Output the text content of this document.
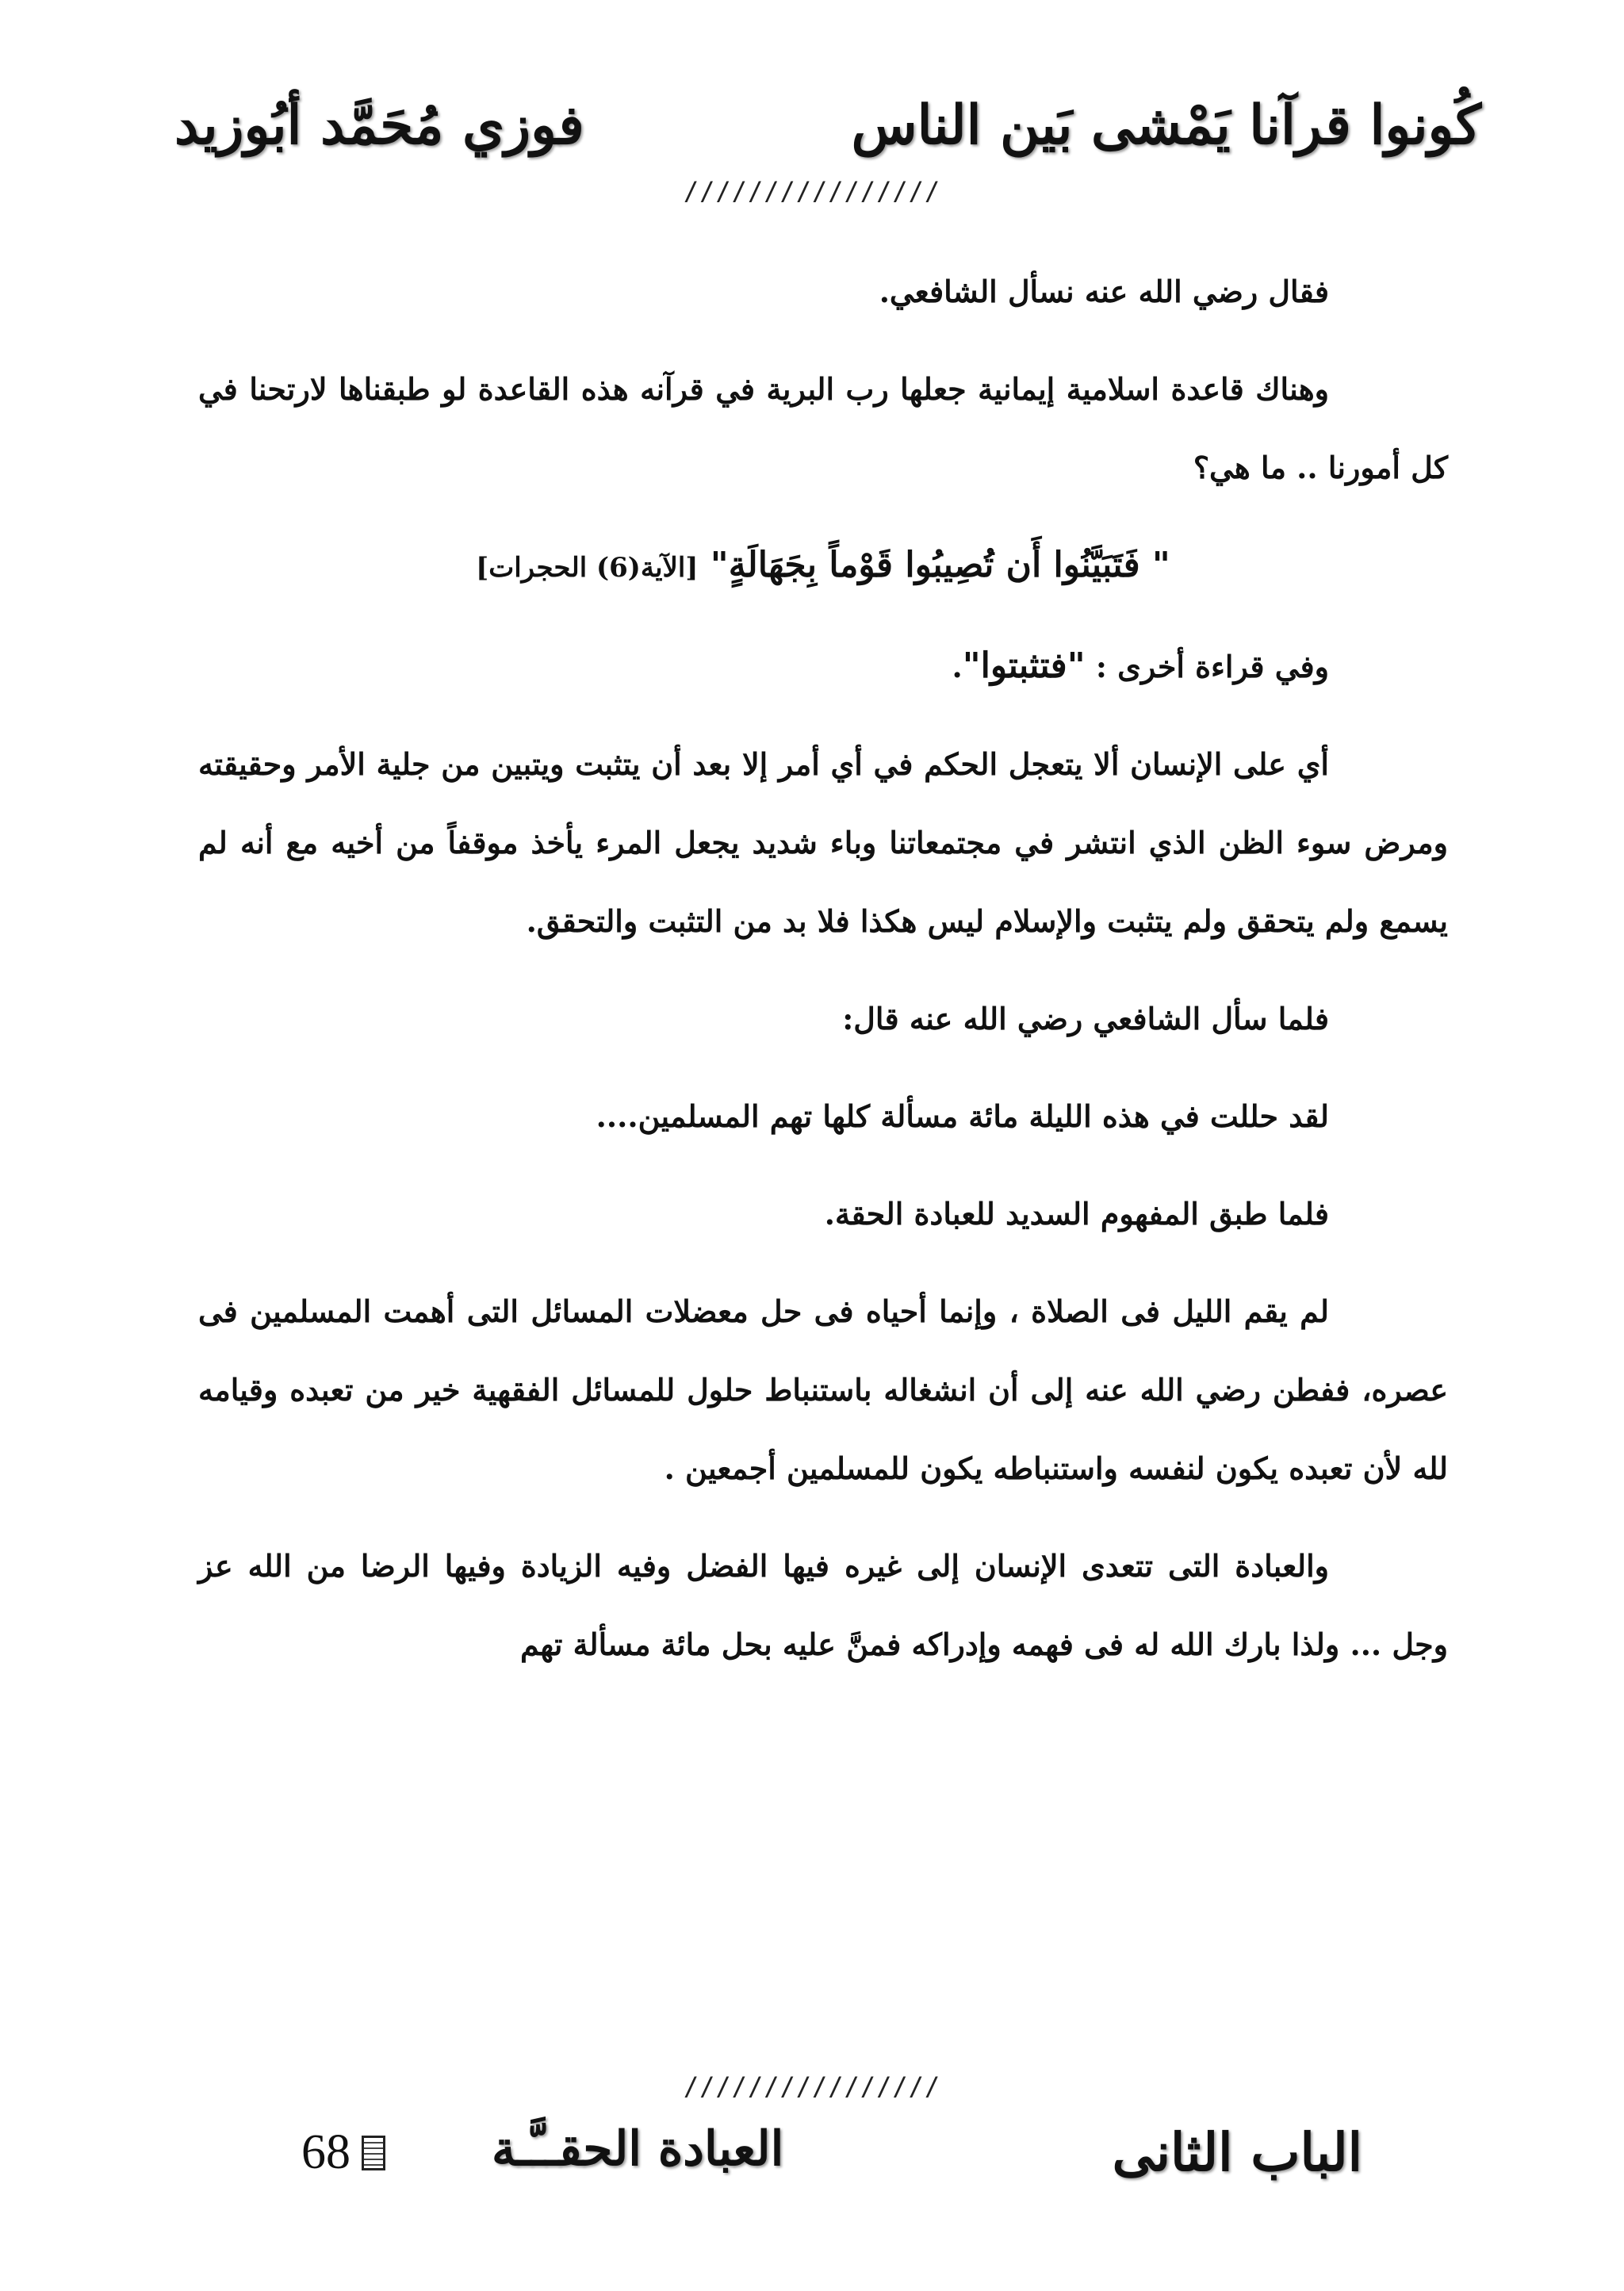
كُونوا قرآنا يَمْشى بَين الناس
فوزي مُحَمَّد أبُوزيد
////////////////

فقال رضي الله عنه نسأل الشافعي.

وهناك قاعدة اسلامية إيمانية جعلها رب البرية في قرآنه هذه القاعدة لو طبقناها لارتحنا في كل أمورنا .. ما هي؟

" فَتَبَيَّنُوا أَن تُصِيبُوا قَوْماً بِجَهَالَةٍ" [الآية(6) الحجرات]

وفي قراءة أخرى : "فتثبتوا".

أي على الإنسان ألا يتعجل الحكم في أي أمر إلا بعد أن يتثبت ويتبين من جلية الأمر وحقيقته ومرض سوء الظن الذي انتشر في مجتمعاتنا وباء شديد يجعل المرء يأخذ موقفاً من أخيه مع أنه لم يسمع ولم يتحقق ولم يتثبت والإسلام ليس هكذا فلا بد من التثبت والتحقق.

فلما سأل الشافعي رضي الله عنه قال:

لقد حللت في هذه الليلة مائة مسألة كلها تهم المسلمين....

فلما طبق المفهوم السديد للعبادة الحقة.

لم يقم الليل فى الصلاة ، وإنما أحياه فى حل معضلات المسائل التى أهمت المسلمين فى عصره، ففطن رضي الله عنه إلى أن انشغاله باستنباط حلول للمسائل الفقهية خير من تعبده وقيامه لله لأن تعبده يكون لنفسه واستنباطه يكون للمسلمين أجمعين .

والعبادة التى تتعدى الإنسان إلى غيره فيها الفضل وفيه الزيادة وفيها الرضا من الله عز وجل ... ولذا بارك الله له فى فهمه وإدراكه فمنَّ عليه بحل مائة مسألة تهم

////////////////
الباب الثانى
العبادة الحقــَّـة
68
